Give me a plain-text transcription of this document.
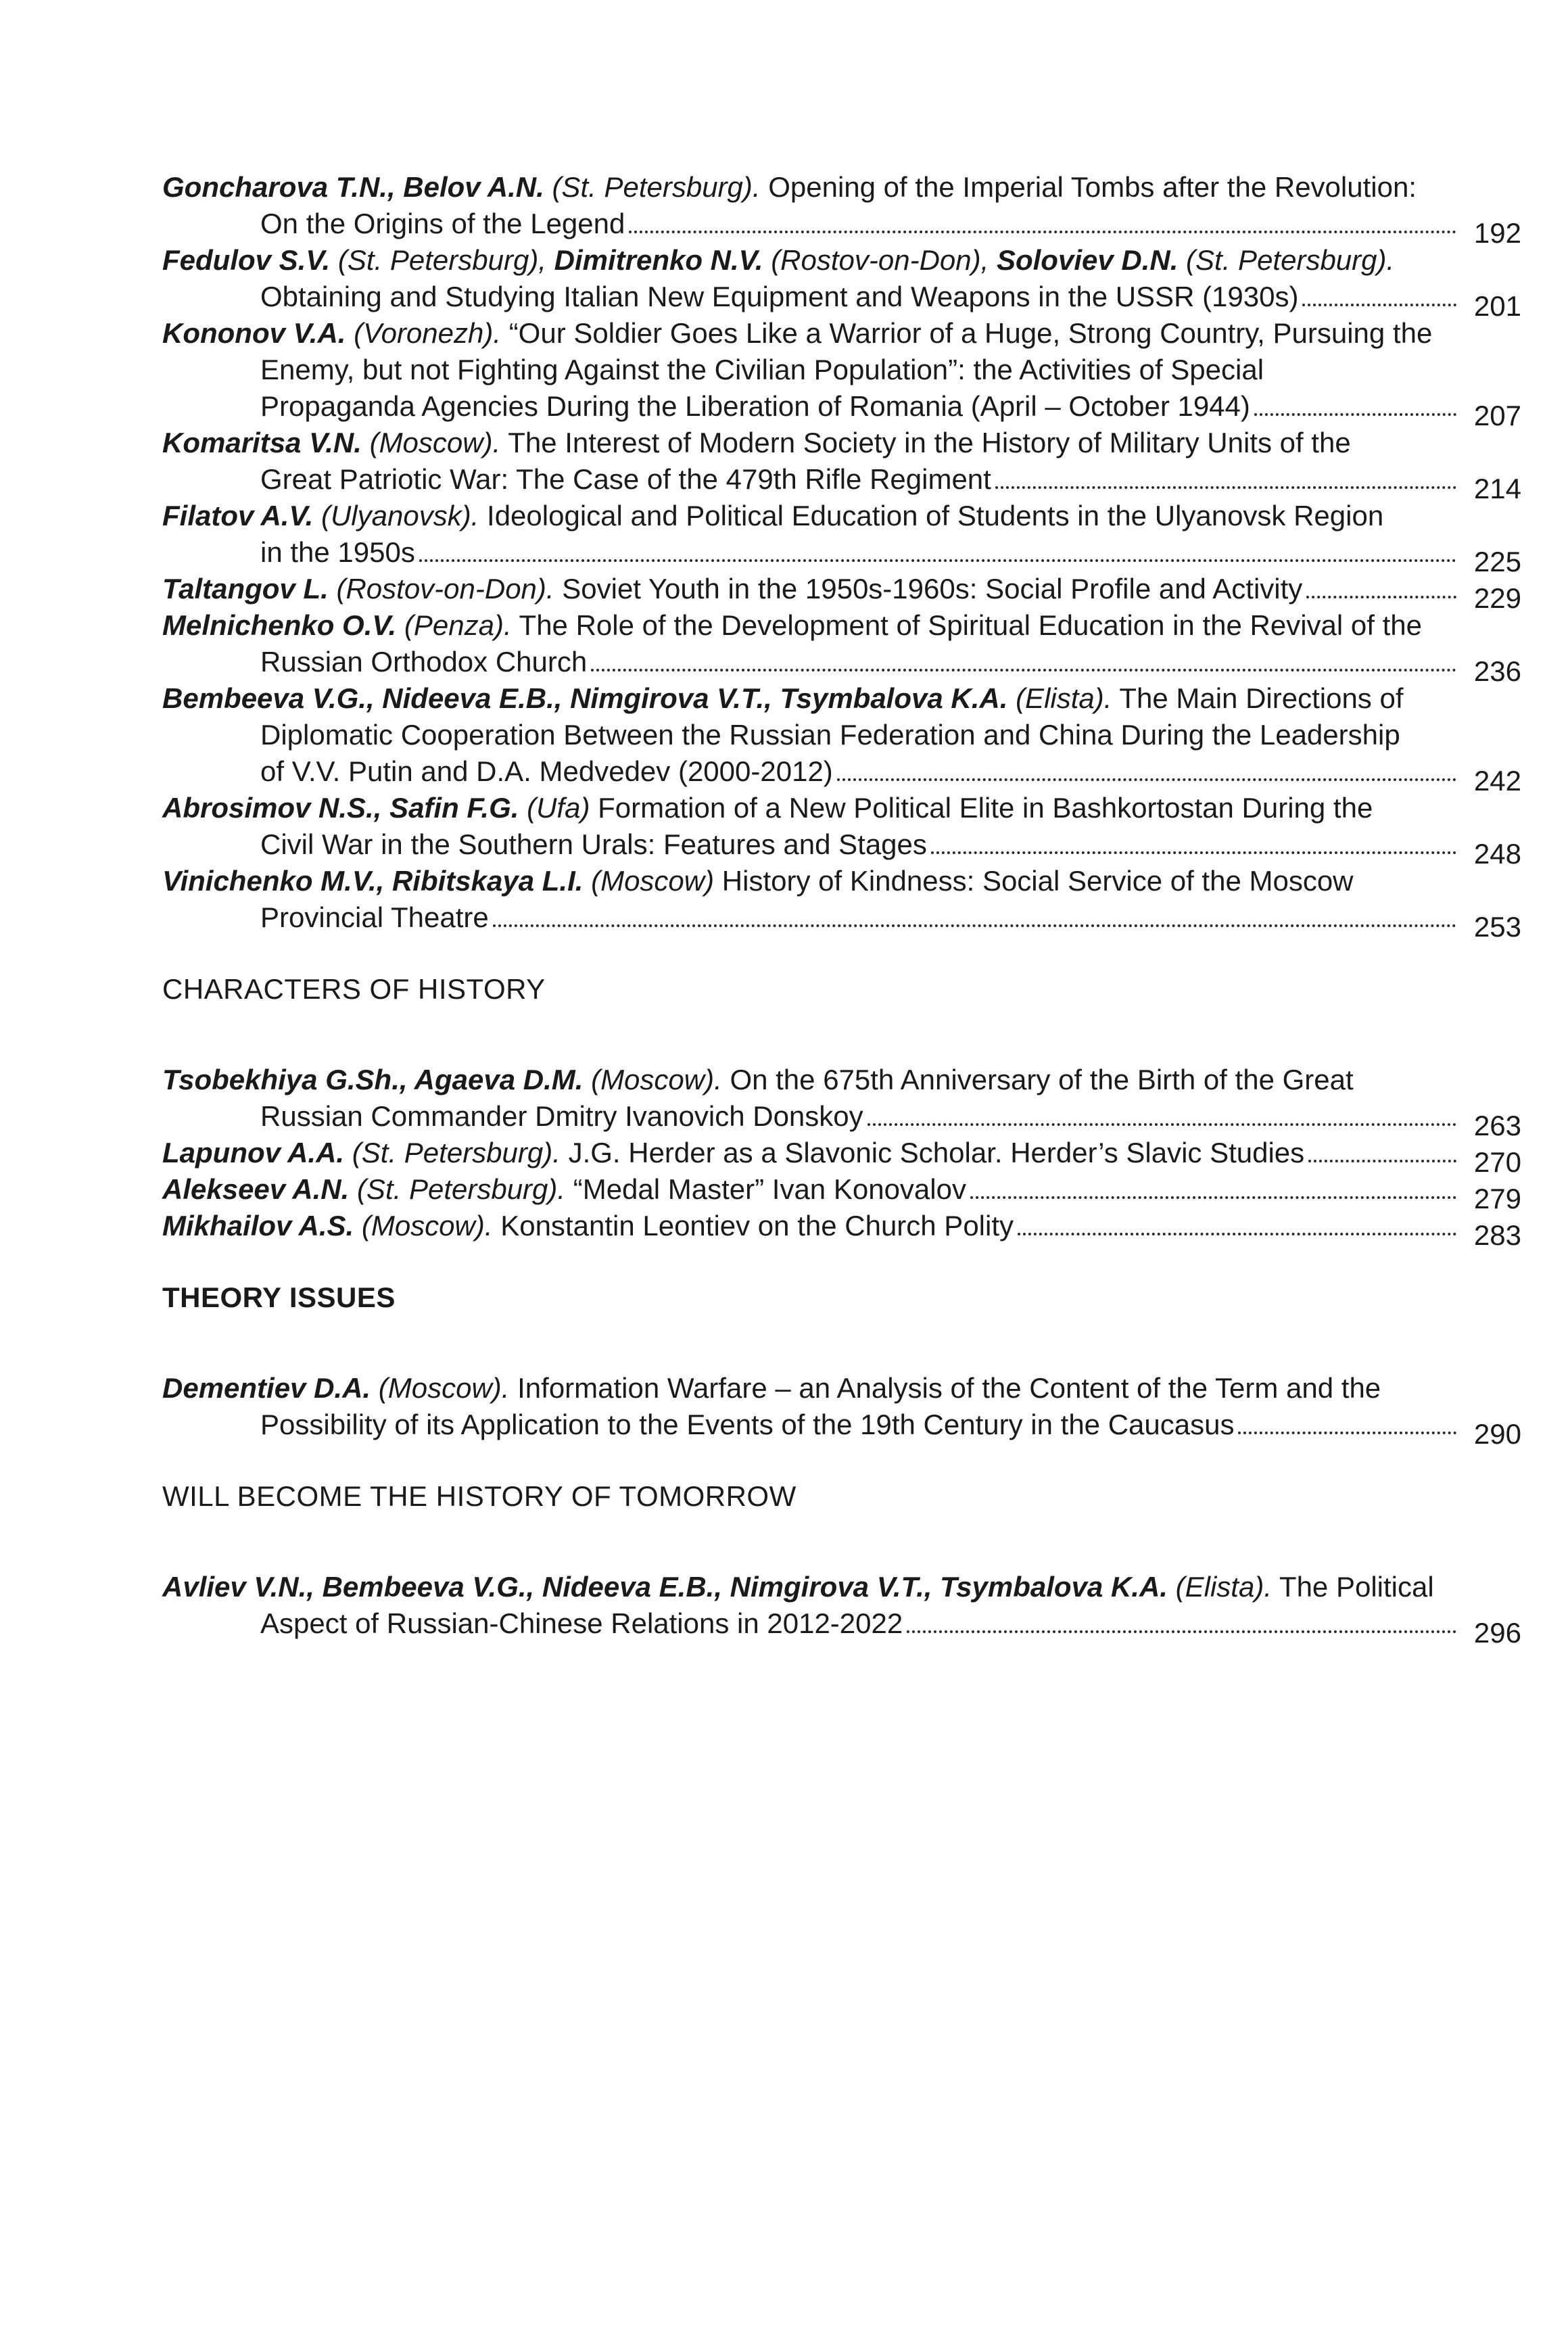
Goncharova T.N., Belov A.N. (St. Petersburg). Opening of the Imperial Tombs after the Revolution:
On the Origins of the Legend	192
Fedulov S.V. (St. Petersburg), Dimitrenko N.V. (Rostov-on-Don), Soloviev D.N. (St. Petersburg).
Obtaining and Studying Italian New Equipment and Weapons in the USSR (1930s)	201
Kononov V.A. (Voronezh). “Our Soldier Goes Like a Warrior of a Huge, Strong Country, Pursuing the Enemy, but not Fighting Against the Civilian Population”: the Activities of Special
Propaganda Agencies During the Liberation of Romania (April – October 1944)	207
Komaritsa V.N. (Moscow). The Interest of Modern Society in the History of Military Units of the
Great Patriotic War: The Case of the 479th Rifle Regiment	214
Filatov A.V. (Ulyanovsk). Ideological and Political Education of Students in the Ulyanovsk Region
in the 1950s	225
Taltangov L. (Rostov-on-Don). Soviet Youth in the 1950s-1960s: Social Profile and Activity	229
Melnichenko O.V. (Penza). The Role of the Development of Spiritual Education in the Revival of the
Russian Orthodox Church	236
Bembeeva V.G., Nideeva E.B., Nimgirova V.T., Tsymbalova K.A. (Elista). The Main Directions of Diplomatic Cooperation Between the Russian Federation and China During the Leadership
of V.V. Putin and D.A. Medvedev (2000-2012)	242
Abrosimov N.S., Safin F.G. (Ufa) Formation of a New Political Elite in Bashkortostan During the
Civil War in the Southern Urals: Features and Stages	248
Vinichenko M.V., Ribitskaya L.I. (Moscow) History of Kindness: Social Service of the Moscow
Provincial Theatre	253
CHARACTERS OF HISTORY
Tsobekhiya G.Sh., Agaeva D.M. (Moscow). On the 675th Anniversary of the Birth of the Great
Russian Commander Dmitry Ivanovich Donskoy	263
Lapunov A.A. (St. Petersburg). J.G. Herder as a Slavonic Scholar. Herder’s Slavic Studies	270
Alekseev A.N. (St. Petersburg). “Medal Master” Ivan Konovalov	279
Mikhailov A.S. (Moscow). Konstantin Leontiev on the Church Polity	283
THEORY ISSUES
Dementiev D.A. (Moscow). Information Warfare – an Analysis of the Content of the Term and the
Possibility of its Application to the Events of the 19th Century in the Caucasus	290
WILL BECOME THE HISTORY OF TOMORROW
Avliev V.N., Bembeeva V.G., Nideeva E.B., Nimgirova V.T., Tsymbalova K.A. (Elista). The Political
Aspect of Russian-Chinese Relations in 2012-2022	296
